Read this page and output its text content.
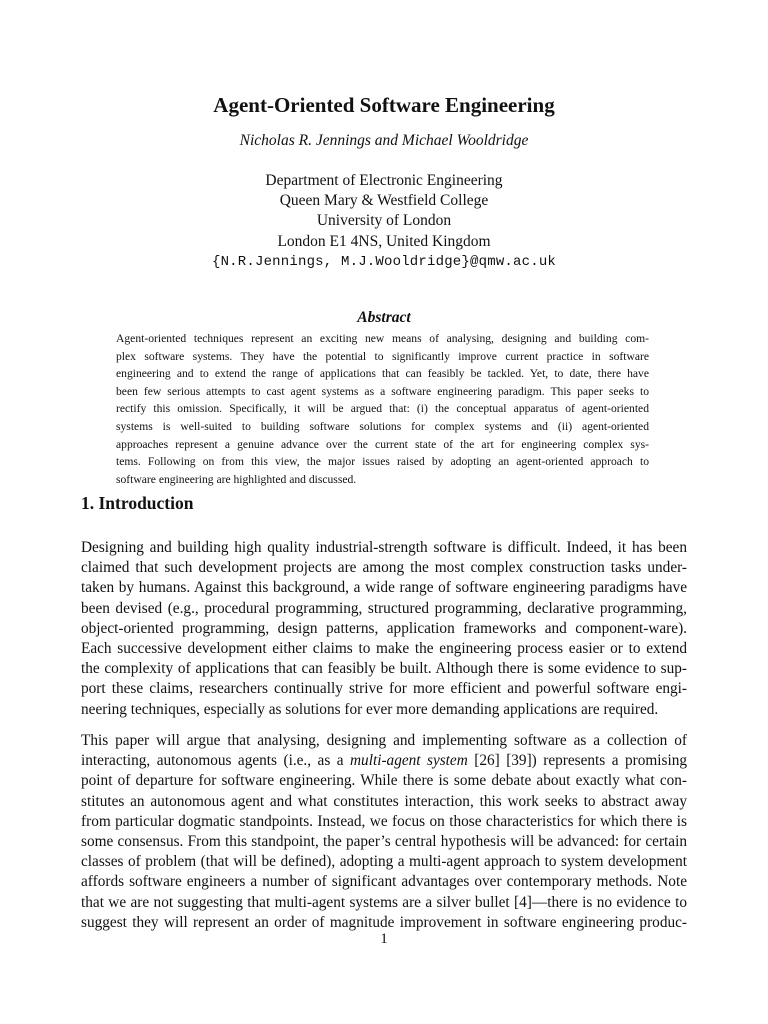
Agent-Oriented Software Engineering

Nicholas R. Jennings and Michael Wooldridge

Department of Electronic Engineering
Queen Mary & Westfield College
University of London
London E1 4NS, United Kingdom
{N.R.Jennings, M.J.Wooldridge}@qmw.ac.uk
Abstract
Agent-oriented techniques represent an exciting new means of analysing, designing and building com-
plex software systems. They have the potential to significantly improve current practice in software
engineering and to extend the range of applications that can feasibly be tackled. Yet, to date, there have
been few serious attempts to cast agent systems as a software engineering paradigm. This paper seeks to
rectify this omission. Specifically, it will be argued that: (i) the conceptual apparatus of agent-oriented
systems is well-suited to building software solutions for complex systems and (ii) agent-oriented
approaches represent a genuine advance over the current state of the art for engineering complex sys-
tems. Following on from this view, the major issues raised by adopting an agent-oriented approach to
software engineering are highlighted and discussed.
1. Introduction
Designing and building high quality industrial-strength software is difficult. Indeed, it has been
claimed that such development projects are among the most complex construction tasks under-
taken by humans. Against this background, a wide range of software engineering paradigms have
been devised (e.g., procedural programming, structured programming, declarative programming,
object-oriented programming, design patterns, application frameworks and component-ware).
Each successive development either claims to make the engineering process easier or to extend
the complexity of applications that can feasibly be built. Although there is some evidence to sup-
port these claims, researchers continually strive for more efficient and powerful software engi-
neering techniques, especially as solutions for ever more demanding applications are required.
This paper will argue that analysing, designing and implementing software as a collection of
interacting, autonomous agents (i.e., as a multi-agent system [26] [39]) represents a promising
point of departure for software engineering. While there is some debate about exactly what con-
stitutes an autonomous agent and what constitutes interaction, this work seeks to abstract away
from particular dogmatic standpoints. Instead, we focus on those characteristics for which there is
some consensus. From this standpoint, the paper’s central hypothesis will be advanced: for certain
classes of problem (that will be defined), adopting a multi-agent approach to system development
affords software engineers a number of significant advantages over contemporary methods. Note
that we are not suggesting that multi-agent systems are a silver bullet [4]—there is no evidence to
suggest they will represent an order of magnitude improvement in software engineering produc-

1
